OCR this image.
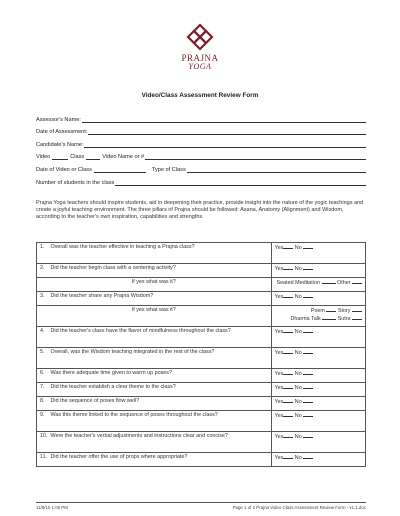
PRAJNA
YOGA
Video/Class Assessment Review Form
Assessor's Name:
Date of Assessment:
Candidate's Name:
Video	Class	Video Name or #
Date of Video or Class	Type of Class
Number of students in the class
Prajna Yoga teachers should inspire students, aid in deepening their practice, provide insight into the nature of the yogic teachings and create a joyful teaching environment. The three pillars of Prajna should be followed: Asana, Anatomy (Alignment) and Wisdom, according to the teacher's own inspiration, capabilities and strengths.
1.	Overall was the teacher effective in teaching a Prajna class?	Yes No
2.	Did the teacher begin class with a centering activity?	Yes No
If yes what was it?		Seated Meditation Other
3.	Did the teacher share any Prajna Wisdom?	Yes No
If yes what was it?		Poem Story
Dharma Talk Sutra
4.	Did the teacher's class have the flavor of mindfulness throughout the class?	Yes No
5.	Overall, was the Wisdom teaching integrated in the rest of the class?	Yes No
6.	Was there adequate time given to warm up poses?	Yes No
7.	Did the teacher establish a clear theme to the class?	Yes No
8.	Did the sequence of poses flow well?	Yes No
9.	Was this theme linked to the sequence of poses throughout the class?	Yes No
10.	Were the teacher's verbal adjustments and instructions clear and concise?	Yes No
11.	Did the teacher offer the use of props where appropriate?	Yes No
11/8/10 1:06 PM	Page 1 of 2 Prajna Video Class Assessment Review Form - v1.1.doc
